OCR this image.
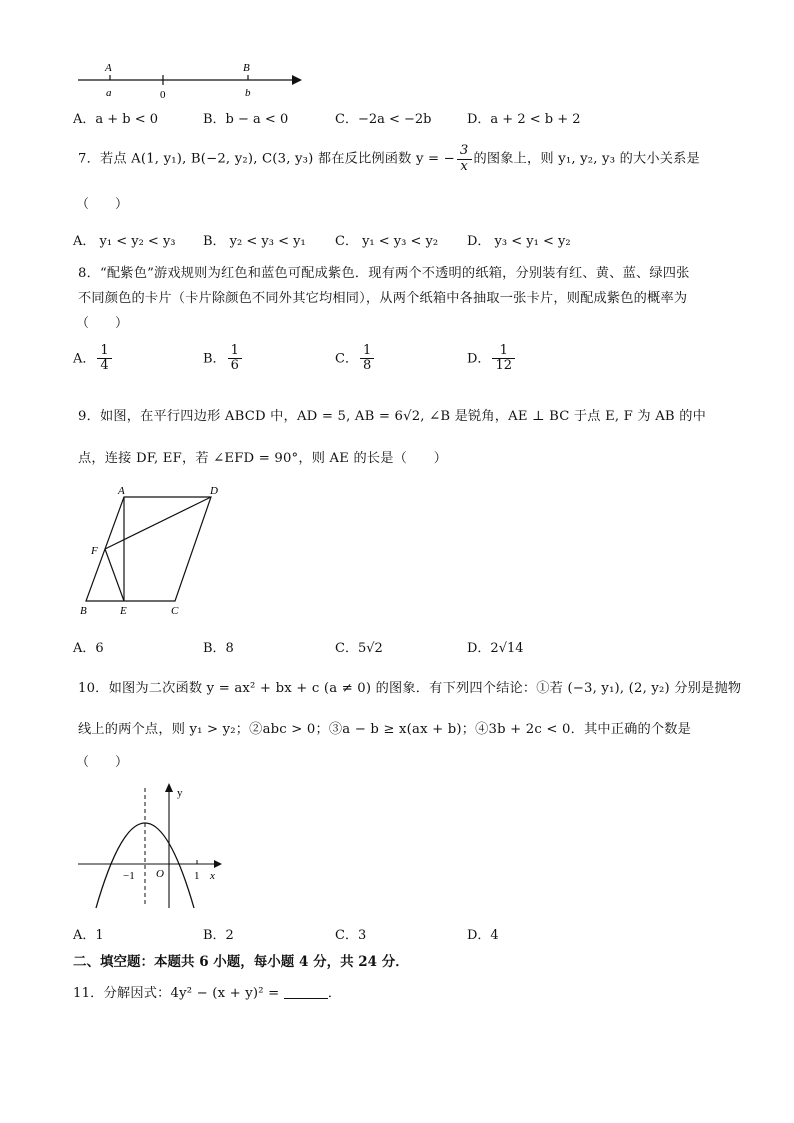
A	B
a	0	b
A．a + b < 0	B．b − a < 0	C．−2a < −2b	D．a + 2 < b + 2
7．若点 A(1, y₁), B(−2, y₂), C(3, y₃) 都在反比例函数 y = − $\frac{3}{x}$ 的图象上，则 y₁, y₂, y₃ 的大小关系是
（　　）
A． y₁ < y₂ < y₃ B． y₂ < y₃ < y₁ C． y₁ < y₃ < y₂ D． y₃ < y₁ < y₂
8．“配紫色”游戏规则为红色和蓝色可配成紫色．现有两个不透明的纸箱，分别装有红、黄、蓝、绿四张
不同颜色的卡片（卡片除颜色不同外其它均相同），从两个纸箱中各抽取一张卡片，则配成紫色的概率为
（　　）
A． $\frac{1}{4}$	B． $\frac{1}{6}$	C． $\frac{1}{8}$	D． $\frac{1}{12}$
9．如图，在平行四边形 ABCD 中，AD = 5, AB = 6√2, ∠B 是锐角，AE ⊥ BC 于点 E, F 为 AB 的中
点，连接 DF, EF，若 ∠EFD = 90°，则 AE 的长是（　　）
A	D
F
B	E	C
A．6	B．8	C．5√2	D．2√14
10．如图为二次函数 y = ax² + bx + c (a ≠ 0) 的图象．有下列四个结论：①若 (−3, y₁), (2, y₂) 分别是抛物
线上的两个点，则 y₁ > y₂；②abc > 0；③a − b ≥ x(ax + b)；④3b + 2c < 0．其中正确的个数是
（　　）
y
x
−1 O	1
A．1	B．2	C．3	D．4
二、填空题：本题共 6 小题，每小题 4 分，共 24 分．
11．分解因式：4y² − (x + y)² =	．
